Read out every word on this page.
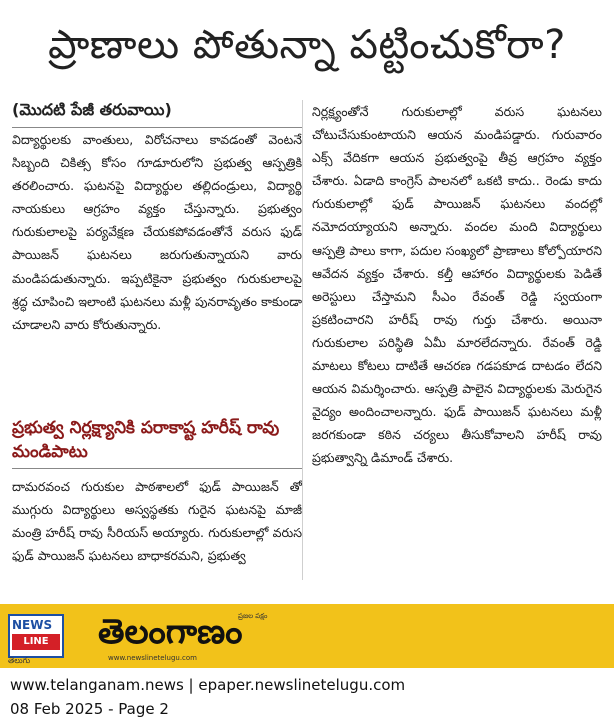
ప్రాణాలు పోతున్నా పట్టించుకోరా?
(మొదటి పేజీ తరువాయి)

విద్యార్థులకు వాంతులు, విరోచనాలు కావడంతో వెంటనే సిబ్బంది చికిత్స కోసం గూడూరులోని ప్రభుత్వ ఆస్పత్రికి తరలించారు. ఘటనపై విద్యార్థుల తల్లిదండ్రులు, విద్యార్థి నాయకులు ఆగ్రహం వ్యక్తం చేస్తున్నారు. ప్రభుత్వం గురుకులాలపై పర్యవేక్షణ చేయకపోవడంతోనే వరుస ఫుడ్ పాయిజన్ ఘటనలు జరుగుతున్నాయని వారు మండిపడుతున్నారు. ఇప్పటికైనా ప్రభుత్వం గురుకులాలపై శ్రద్ధ చూపించి ఇలాంటి ఘటనలు మళ్లీ పునరావృతం కాకుండా చూడాలని వారు కోరుతున్నారు.

ప్రభుత్వ నిర్లక్ష్యానికి పరాకాష్ట హరీష్ రావు మండిపాటు

దామరవంచ గురుకుల పాఠశాలలో ఫుడ్ పాయిజన్ తో ముగ్గురు విద్యార్థులు అస్వస్థతకు గురైన ఘటనపై మాజీ మంత్రి హరీష్ రావు సీరియస్ అయ్యారు. గురుకులాల్లో వరుస ఫుడ్ పాయిజన్ ఘటనలు బాధాకరమని, ప్రభుత్వ

నిర్లక్ష్యంతోనే గురుకులాల్లో వరుస ఘటనలు చోటుచేసుకుంటాయని ఆయన మండిపడ్డారు. గురువారం ఎక్స్ వేదికగా ఆయన ప్రభుత్వంపై తీవ్ర ఆగ్రహం వ్యక్తం చేశారు. ఏడాది కాంగ్రెస్ పాలనలో ఒకటి కాదు.. రెండు కాదు గురుకులాల్లో ఫుడ్ పాయిజన్ ఘటనలు వందల్లో నమోదయ్యాయని అన్నారు. వందల మంది విద్యార్థులు ఆస్పత్రి పాలు కాగా, పదుల సంఖ్యలో ప్రాణాలు కోల్పోయారని ఆవేదన వ్యక్తం చేశారు. కల్తీ ఆహారం విద్యార్థులకు పెడితే అరెస్టులు చేస్తామని సీఎం రేవంత్ రెడ్డి స్వయంగా ప్రకటించారని హరీష్ రావు గుర్తు చేశారు. అయినా గురుకులాల పరిస్థితి ఏమీ మారలేదన్నారు. రేవంత్ రెడ్డి మాటలు కోటలు దాటితే ఆచరణ గడపకూడ దాటడం లేదని ఆయన విమర్శించారు. ఆస్పత్రి పాలైన విద్యార్థులకు మెరుగైన వైద్యం అందించాలన్నారు. ఫుడ్ పాయిజన్ ఘటనలు మళ్లీ జరగకుండా కఠిన చర్యలు తీసుకోవాలని హరీష్ రావు ప్రభుత్వాన్ని డిమాండ్ చేశారు.

NEWS
LINE
తెలుగు
తెలంగాణం
ప్రజల పక్షం
www.newslinetelugu.com
www.telanganam.news | epaper.newslinetelugu.com
08 Feb 2025 - Page 2
